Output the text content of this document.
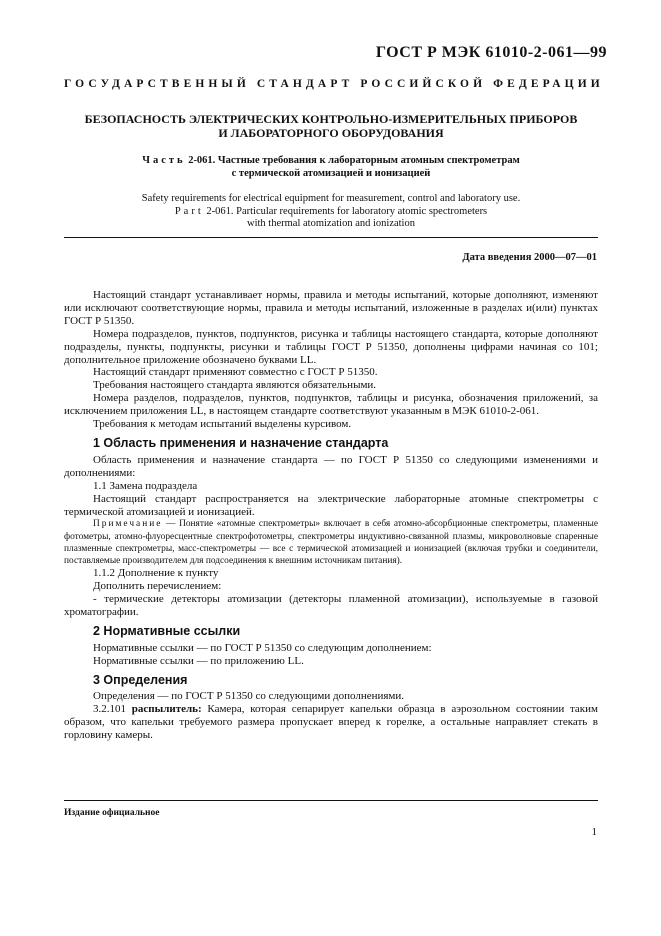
ГОСТ Р МЭК 61010-2-061—99
ГОСУДАРСТВЕННЫЙ СТАНДАРТ РОССИЙСКОЙ ФЕДЕРАЦИИ
БЕЗОПАСНОСТЬ ЭЛЕКТРИЧЕСКИХ КОНТРОЛЬНО-ИЗМЕРИТЕЛЬНЫХ ПРИБОРОВ
И ЛАБОРАТОРНОГО ОБОРУДОВАНИЯ
Часть 2-061. Частные требования к лабораторным атомным спектрометрам
с термической атомизацией и ионизацией
Safety requirements for electrical equipment for measurement, control and laboratory use.
Part 2-061. Particular requirements for laboratory atomic spectrometers
with thermal atomization and ionization
Дата введения 2000—07—01

Настоящий стандарт устанавливает нормы, правила и методы испытаний, которые дополняют, изменяют или исключают соответствующие нормы, правила и методы испытаний, изложенные в разделах и(или) пунктах ГОСТ Р 51350.

Номера подразделов, пунктов, подпунктов, рисунка и таблицы настоящего стандарта, которые дополняют подразделы, пункты, подпункты, рисунки и таблицы ГОСТ Р 51350, дополнены цифрами начиная со 101; дополнительное приложение обозначено буквами LL.

Настоящий стандарт применяют совместно с ГОСТ Р 51350.

Требования настоящего стандарта являются обязательными.

Номера разделов, подразделов, пунктов, подпунктов, таблицы и рисунка, обозначения приложений, за исключением приложения LL, в настоящем стандарте соответствуют указанным в МЭК 61010-2-061.

Требования к методам испытаний выделены курсивом.

1 Область применения и назначение стандарта

Область применения и назначение стандарта — по ГОСТ Р 51350 со следующими изменениями и дополнениями:

1.1 Замена подраздела

Настоящий стандарт распространяется на электрические лабораторные атомные спектрометры с термической атомизацией и ионизацией.

Примечание — Понятие «атомные спектрометры» включает в себя атомно-абсорбционные спектрометры, пламенные фотометры, атомно-флуоресцентные спектрофотометры, спектрометры индуктивно-связанной плазмы, микроволновые спаренные плазменные спектрометры, масс-спектрометры — все с термической атомизацией и ионизацией (включая трубки и соединители, поставляемые производителем для подсоединения к внешним источникам питания).

1.1.2 Дополнение к пункту

Дополнить перечислением:

- термические детекторы атомизации (детекторы пламенной атомизации), используемые в газовой хроматографии.

2 Нормативные ссылки

Нормативные ссылки — по ГОСТ Р 51350 со следующим дополнением:

Нормативные ссылки — по приложению LL.

3 Определения

Определения — по ГОСТ Р 51350 со следующими дополнениями.

3.2.101 распылитель: Камера, которая сепарирует капельки образца в аэрозольном состоянии таким образом, что капельки требуемого размера пропускает вперед к горелке, а остальные направляет стекать в горловину камеры.

Издание официальное
1
